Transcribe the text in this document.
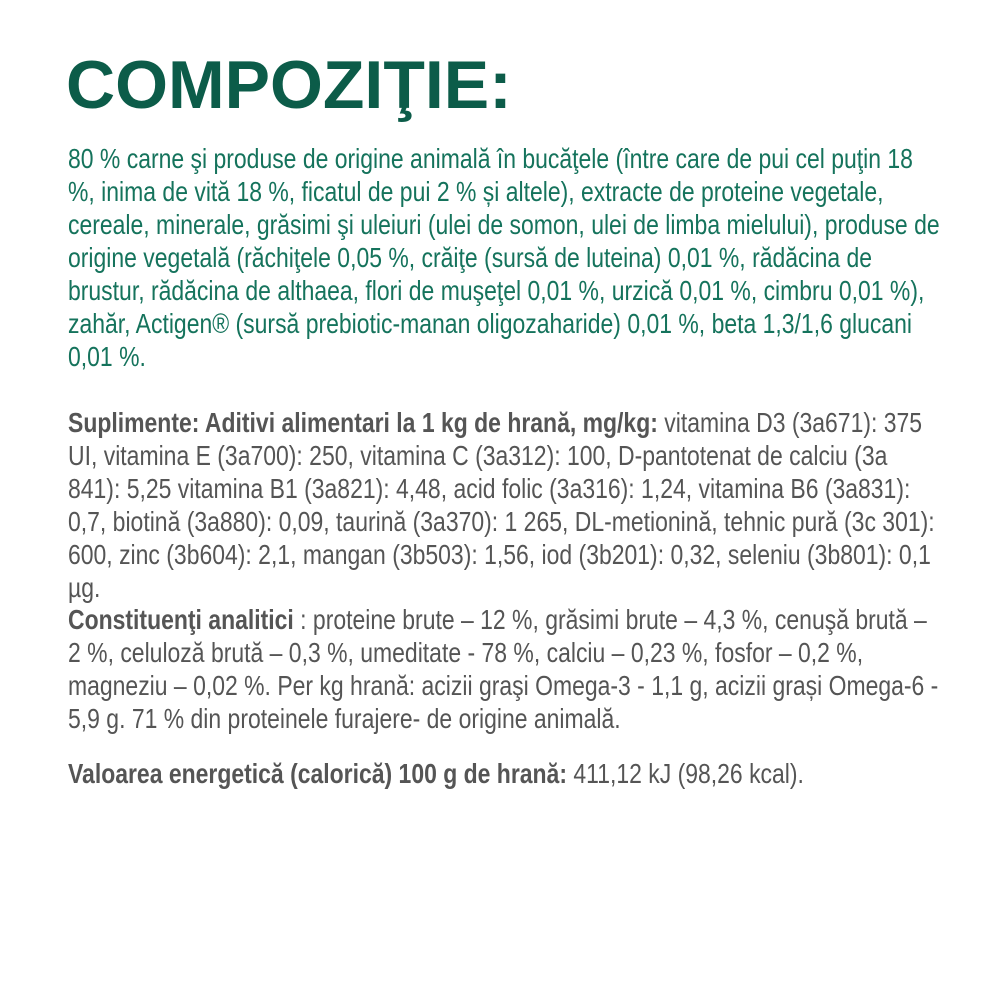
COMPOZIŢIE:

80 % carne şi produse de origine animală în bucăţele (între care de pui cel puţin 18 %, inima de vită 18 %, ficatul de pui 2 % și altele), extracte de proteine vegetale, cereale, minerale, grăsimi şi uleiuri (ulei de somon, ulei de limba mielului), produse de origine vegetală (răchiţele 0,05 %, crăiţe (sursă de luteina) 0,01 %, rădăcina de brustur, rădăcina de althaea, flori de muşeţel 0,01 %, urzică 0,01 %, cimbru 0,01 %), zahăr, Actigen® (sursă prebiotic-manan oligozaharide) 0,01 %, beta 1,3/1,6 glucani 0,01 %.

Suplimente: Aditivi alimentari la 1 kg de hrană, mg/kg: vitamina D3 (3a671): 375 UI, vitamina E (3a700): 250, vitamina C (3a312): 100, D-pantotenat de calciu (3a 841): 5,25 vitamina B1 (3a821): 4,48, acid folic (3a316): 1,24, vitamina B6 (3a831): 0,7, biotină (3a880): 0,09, taurină (3a370): 1 265, DL-metionină, tehnic pură (3c 301): 600, zinc (3b604): 2,1, mangan (3b503): 1,56, iod (3b201): 0,32, seleniu (3b801): 0,1 µg.

Constituenţi analitici : proteine brute – 12 %, grăsimi brute – 4,3 %, cenuşă brută – 2 %, celuloză brută – 0,3 %, umeditate - 78 %, calciu – 0,23 %, fosfor – 0,2 %, magneziu – 0,02 %. Per kg hrană: acizii graşi Omega-3 - 1,1 g, acizii grași Omega-6 - 5,9 g. 71 % din proteinele furajere- de origine animală.

Valoarea energetică (calorică) 100 g de hrană: 411,12 kJ (98,26 kcal).
